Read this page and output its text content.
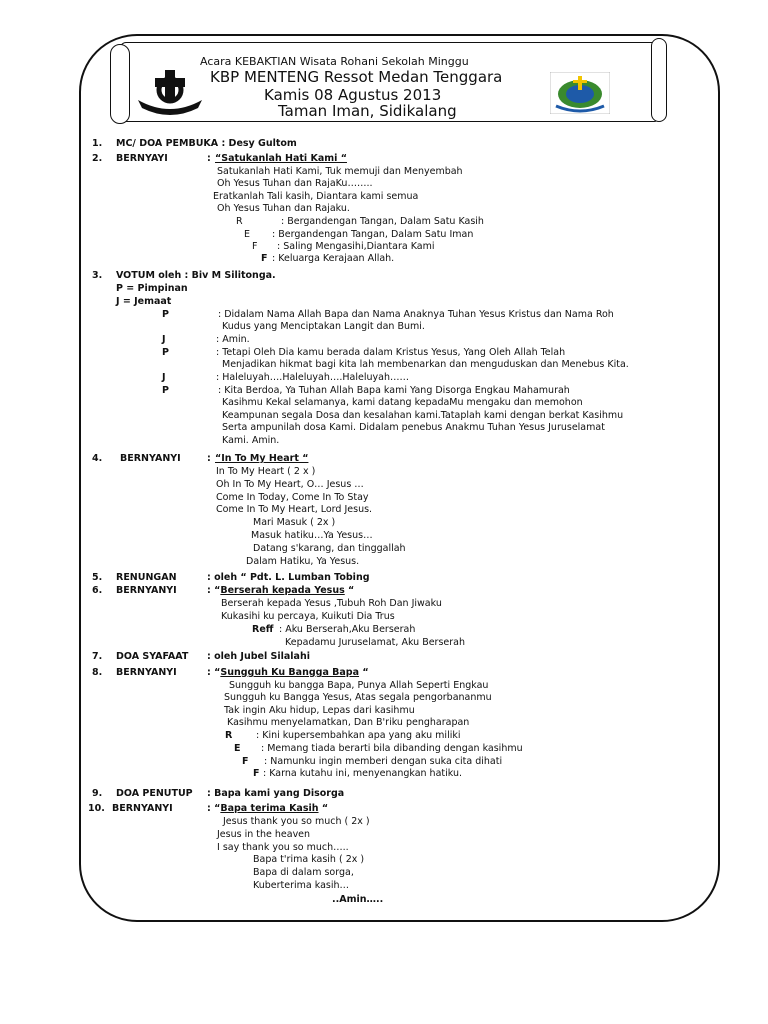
Acara KEBAKTIAN Wisata Rohani Sekolah Minggu
KBP MENTENG Ressot Medan Tenggara
Kamis 08 Agustus 2013
Taman Iman, Sidikalang
1. MC/ DOA PEMBUKA : Desy Gultom
2. BERNYAYI	: “Satukanlah Hati Kami “
Satukanlah Hati Kami, Tuk memuji dan Menyembah
Oh Yesus Tuhan dan RajaKu……..
Eratkanlah Tali kasih, Diantara kami semua
Oh Yesus Tuhan dan Rajaku.
R	: Bergandengan Tangan, Dalam Satu Kasih
E : Bergandengan Tangan, Dalam Satu Iman
F : Saling Mengasihi,Diantara Kami
F : Keluarga Kerajaan Allah.
3. VOTUM oleh : Biv M Silitonga.
P = Pimpinan
J = Jemaat
P	: Didalam Nama Allah Bapa dan Nama Anaknya Tuhan Yesus Kristus dan Nama Roh
Kudus yang Menciptakan Langit dan Bumi.
J	: Amin.
P	: Tetapi Oleh Dia kamu berada dalam Kristus Yesus, Yang Oleh Allah Telah
Menjadikan hikmat bagi kita lah membenarkan dan menguduskan dan Menebus Kita.
J	: Haleluyah….Haleluyah….Haleluyah……
P	: Kita Berdoa, Ya Tuhan Allah Bapa kami Yang Disorga Engkau Mahamurah
Kasihmu Kekal selamanya, kami datang kepadaMu mengaku dan memohon
Keampunan segala Dosa dan kesalahan kami.Tataplah kami dengan berkat Kasihmu
Serta ampunilah dosa Kami. Didalam penebus Anakmu Tuhan Yesus Juruselamat
Kami. Amin.
4. BERNYANYI	: “In To My Heart “
In To My Heart ( 2 x )
Oh In To My Heart, O… Jesus …
Come In Today, Come In To Stay
Come In To My Heart, Lord Jesus.
Mari Masuk ( 2x )
Masuk hatiku…Ya Yesus…
Datang s'karang, dan tinggallah
Dalam Hatiku, Ya Yesus.
5. RENUNGAN	: oleh “ Pdt. L. Lumban Tobing
6. BERNYANYI	: “Berserah kepada Yesus “
Berserah kepada Yesus ,Tubuh Roh Dan Jiwaku
Kukasihi ku percaya, Kuikuti Dia Trus
Reff : Aku Berserah,Aku Berserah
Kepadamu Juruselamat, Aku Berserah
7. DOA SYAFAAT : oleh Jubel Silalahi
8. BERNYANYI	: “Sungguh Ku Bangga Bapa “
Sungguh ku bangga Bapa, Punya Allah Seperti Engkau
Sungguh ku Bangga Yesus, Atas segala pengorbananmu
Tak ingin Aku hidup, Lepas dari kasihmu
Kasihmu menyelamatkan, Dan B'riku pengharapan
R : Kini kupersembahkan apa yang aku miliki
E : Memang tiada berarti bila dibanding dengan kasihmu
F : Namunku ingin memberi dengan suka cita dihati
F : Karna kutahu ini, menyenangkan hatiku.
9. DOA PENUTUP : Bapa kami yang Disorga
10. BERNYANYI	: “Bapa terima Kasih “
Jesus thank you so much ( 2x )
Jesus in the heaven
I say thank you so much…..
Bapa t'rima kasih ( 2x )
Bapa di dalam sorga,
Kuberterima kasih…
..Amin…..
